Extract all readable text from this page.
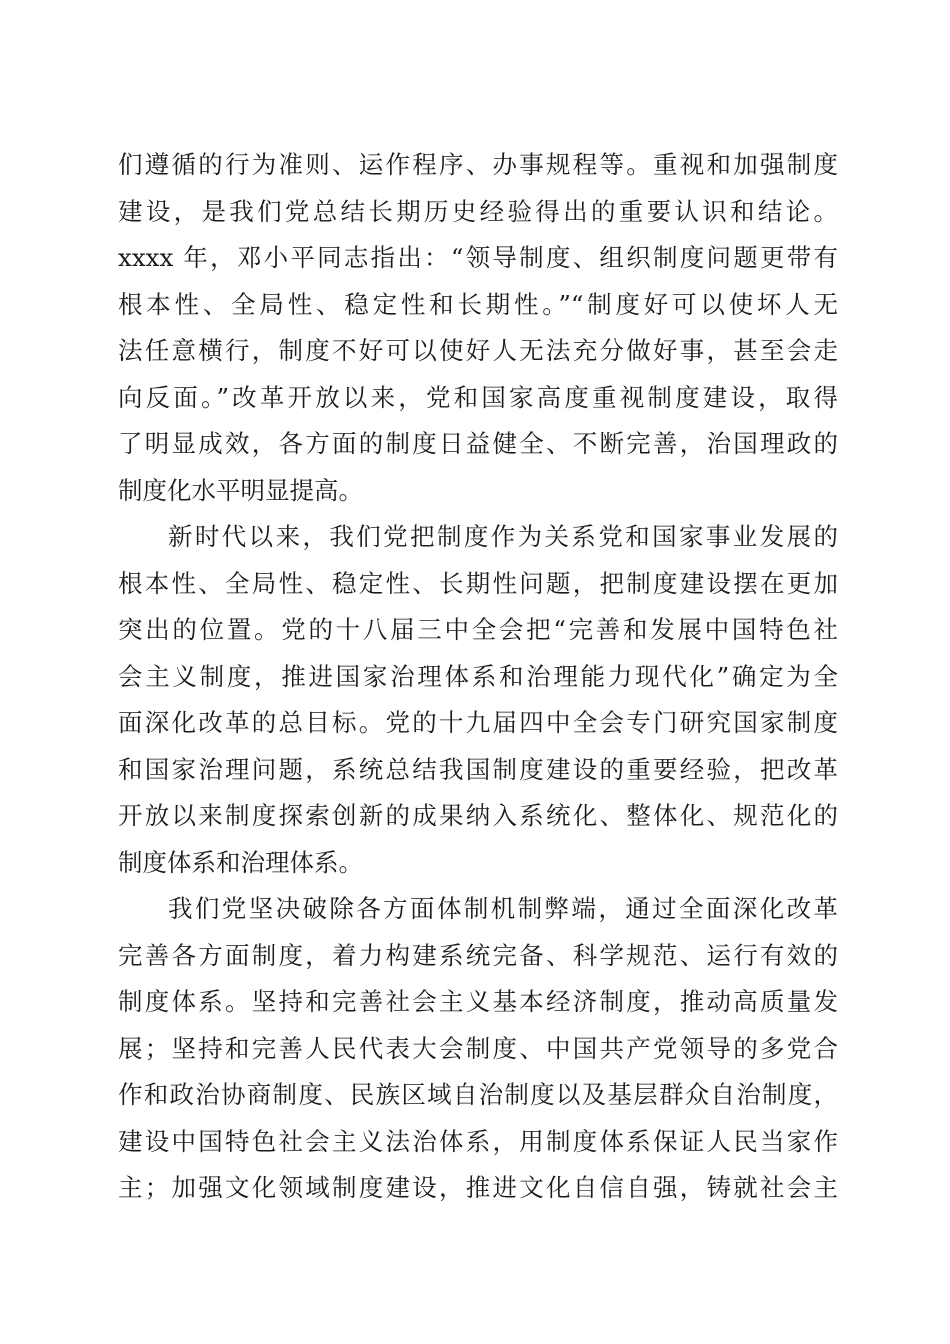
们遵循的行为准则、运作程序、办事规程等。重视和加强制度
建设，是我们党总结长期历史经验得出的重要认识和结论。
xxxx 年，邓小平同志指出：“领导制度、组织制度问题更带有
根本性、全局性、稳定性和长期性。”“制度好可以使坏人无
法任意横行，制度不好可以使好人无法充分做好事，甚至会走
向反面。”改革开放以来，党和国家高度重视制度建设，取得
了明显成效，各方面的制度日益健全、不断完善，治国理政的
制度化水平明显提高。
新时代以来，我们党把制度作为关系党和国家事业发展的
根本性、全局性、稳定性、长期性问题，把制度建设摆在更加
突出的位置。党的十八届三中全会把“完善和发展中国特色社
会主义制度，推进国家治理体系和治理能力现代化”确定为全
面深化改革的总目标。党的十九届四中全会专门研究国家制度
和国家治理问题，系统总结我国制度建设的重要经验，把改革
开放以来制度探索创新的成果纳入系统化、整体化、规范化的
制度体系和治理体系。
我们党坚决破除各方面体制机制弊端，通过全面深化改革
完善各方面制度，着力构建系统完备、科学规范、运行有效的
制度体系。坚持和完善社会主义基本经济制度，推动高质量发
展；坚持和完善人民代表大会制度、中国共产党领导的多党合
作和政治协商制度、民族区域自治制度以及基层群众自治制度，
建设中国特色社会主义法治体系，用制度体系保证人民当家作
主；加强文化领域制度建设，推进文化自信自强，铸就社会主
